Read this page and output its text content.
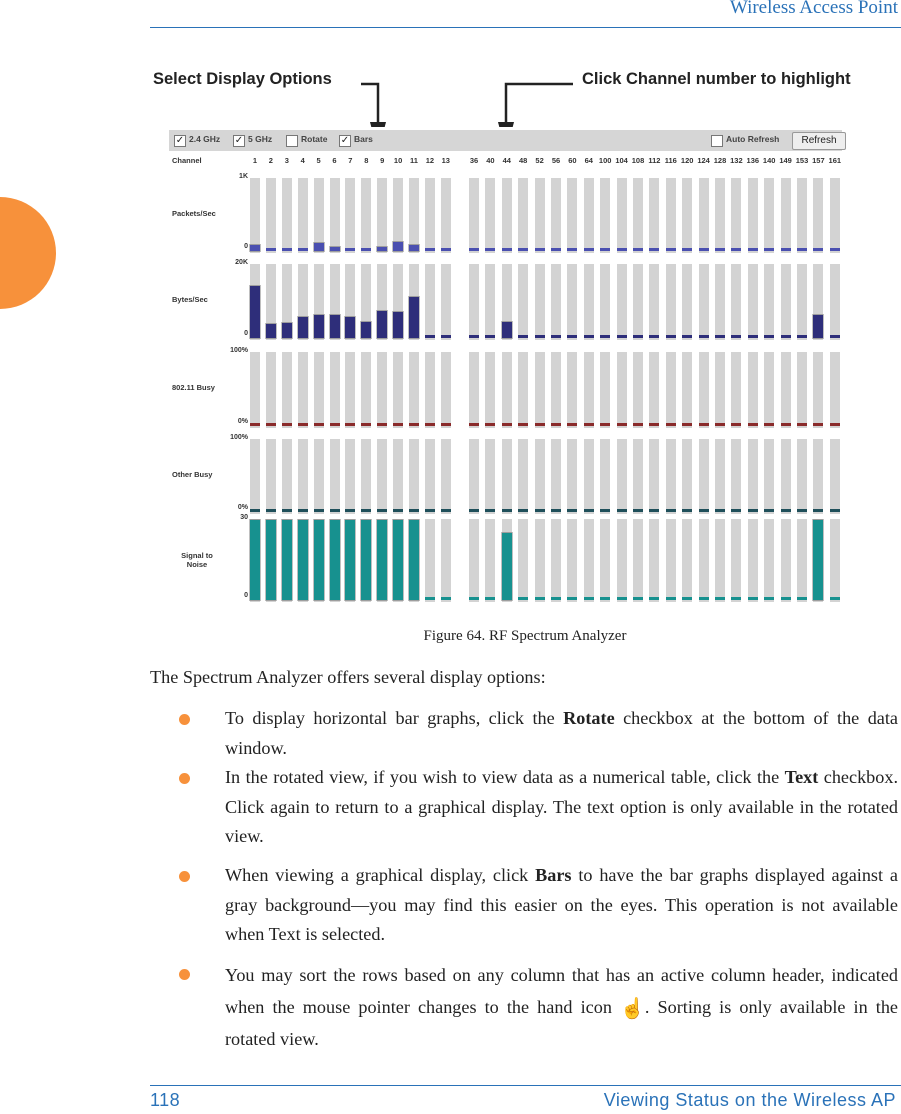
Wireless Access Point
Select Display Options	Click Channel number to highlight
✓ 2.4 GHz ✓ 5 GHz	Rotate ✓ Bars	Auto Refresh	Refresh
Channel	1	2	3	4	5	6	7	8	9	10	11	12	13	36	40	44	48	52	56	60	64 100 104 108 112 116 120 124 128 132 136 140 149 153 157 161
Packets/Sec
1K
0
Bytes/Sec
20K
0
802.11 Busy
100%
0%
Other Busy
100%
0%
Signal to
Noise
30
0
Figure 64. RF Spectrum Analyzer
The Spectrum Analyzer offers several display options:
To display horizontal bar graphs, click the Rotate checkbox at the bottom of the data window.
In the rotated view, if you wish to view data as a numerical table, click the Text checkbox. Click again to return to a graphical display. The text option is only available in the rotated view.
When viewing a graphical display, click Bars to have the bar graphs displayed against a gray background—you may find this easier on the eyes. This operation is not available when Text is selected.
You may sort the rows based on any column that has an active column header, indicated when the mouse pointer changes to the hand icon ☝. Sorting is only available in the rotated view.
118	Viewing Status on the Wireless AP
